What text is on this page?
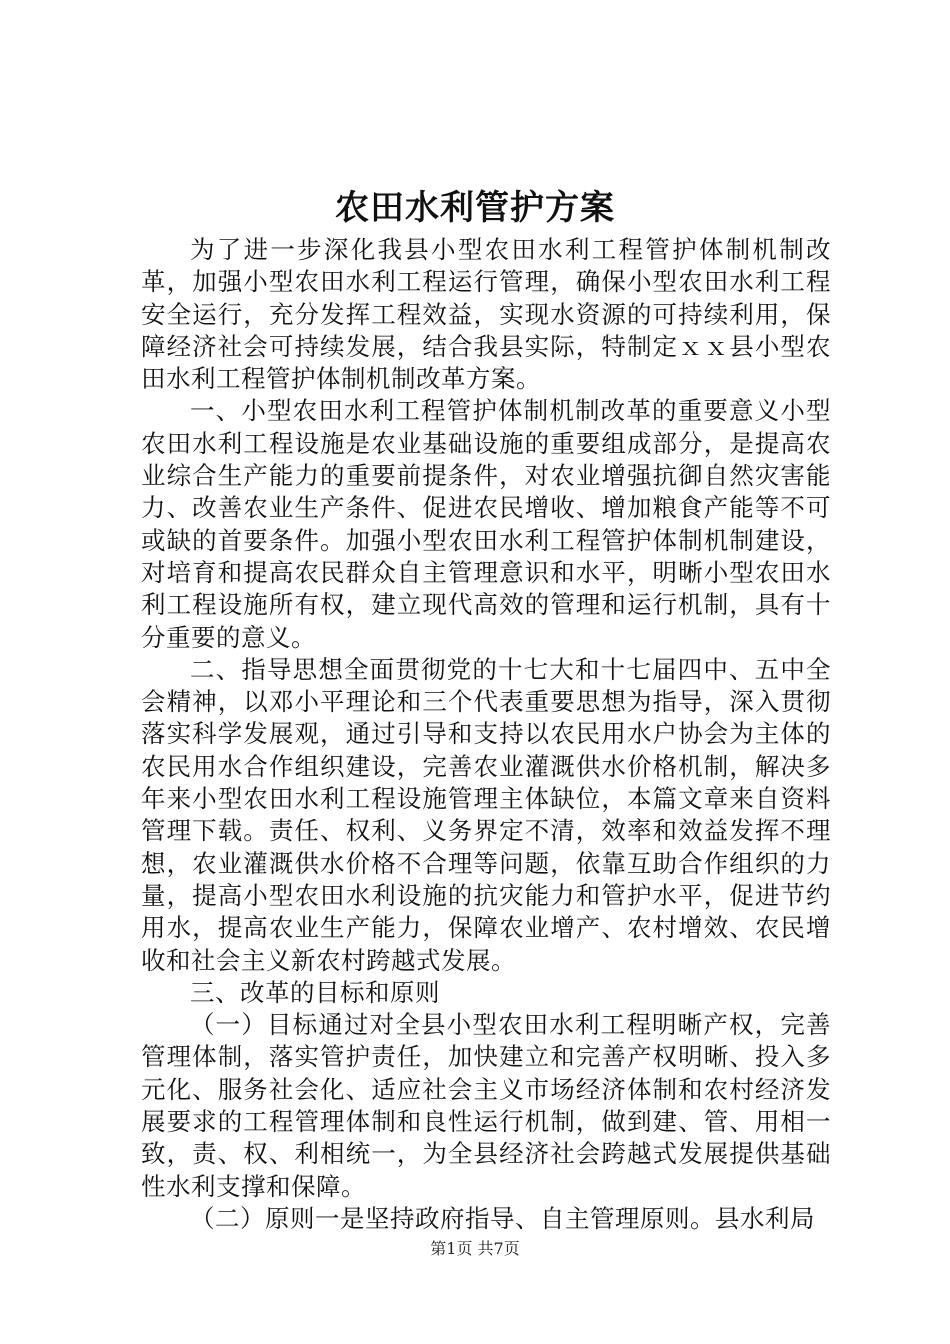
农田水利管护方案

为了进一步深化我县小型农田水利工程管护体制机制改革，加强小型农田水利工程运行管理，确保小型农田水利工程安全运行，充分发挥工程效益，实现水资源的可持续利用，保障经济社会可持续发展，结合我县实际，特制定ｘｘ县小型农田水利工程管护体制机制改革方案。

一、小型农田水利工程管护体制机制改革的重要意义小型农田水利工程设施是农业基础设施的重要组成部分，是提高农业综合生产能力的重要前提条件，对农业增强抗御自然灾害能力、改善农业生产条件、促进农民增收、增加粮食产能等不可或缺的首要条件。加强小型农田水利工程管护体制机制建设，对培育和提高农民群众自主管理意识和水平，明晰小型农田水利工程设施所有权，建立现代高效的管理和运行机制，具有十分重要的意义。

二、指导思想全面贯彻党的十七大和十七届四中、五中全会精神，以邓小平理论和三个代表重要思想为指导，深入贯彻落实科学发展观，通过引导和支持以农民用水户协会为主体的农民用水合作组织建设，完善农业灌溉供水价格机制，解决多年来小型农田水利工程设施管理主体缺位，本篇文章来自资料管理下载。责任、权利、义务界定不清，效率和效益发挥不理想，农业灌溉供水价格不合理等问题，依靠互助合作组织的力量，提高小型农田水利设施的抗灾能力和管护水平，促进节约用水，提高农业生产能力，保障农业增产、农村增效、农民增收和社会主义新农村跨越式发展。

三、改革的目标和原则

（一）目标通过对全县小型农田水利工程明晰产权，完善管理体制，落实管护责任，加快建立和完善产权明晰、投入多元化、服务社会化、适应社会主义市场经济体制和农村经济发展要求的工程管理体制和良性运行机制，做到建、管、用相一致，责、权、利相统一，为全县经济社会跨越式发展提供基础性水利支撑和保障。

（二）原则一是坚持政府指导、自主管理原则。县水利局

第1页 共7页
